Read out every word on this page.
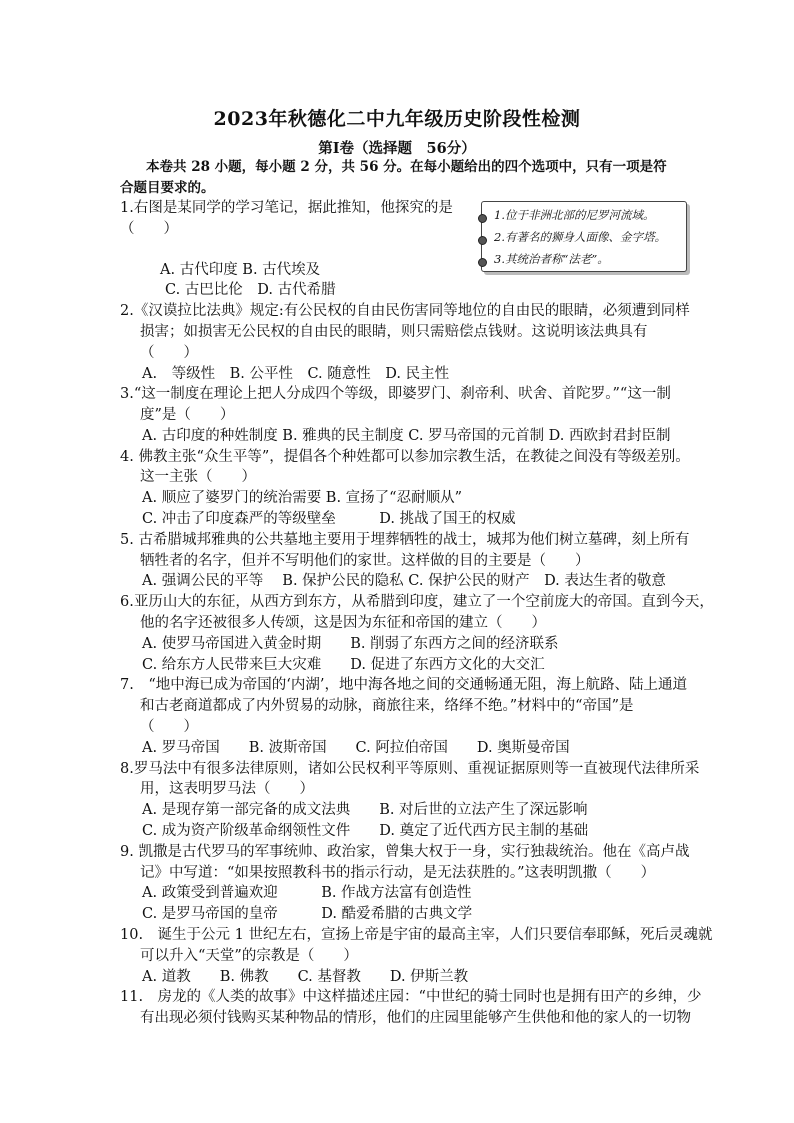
2023年秋德化二中九年级历史阶段性检测
第Ⅰ卷（选择题　56分）
本卷共 28 小题，每小题 2 分，共 56 分。在每小题给出的四个选项中，只有一项是符
合题目要求的。
1.右图是某同学的学习笔记，据此推知，他探究的是
（　　）
1.位于非洲北部的尼罗河流域。
2.有著名的狮身人面像、金字塔。
3.其统治者称“法老”。
A. 古代印度 B. 古代埃及
C. 古巴比伦　D. 古代希腊
2.《汉谟拉比法典》规定:有公民权的自由民伤害同等地位的自由民的眼睛，必须遭到同样
损害；如损害无公民权的自由民的眼睛，则只需赔偿点钱财。这说明该法典具有
（　　）
A.　等级性　B. 公平性　C. 随意性　D. 民主性
3.“这一制度在理论上把人分成四个等级，即婆罗门、刹帝利、吠舍、首陀罗。”“这一制
度”是（　　）
A. 古印度的种姓制度 B. 雅典的民主制度 C. 罗马帝国的元首制 D. 西欧封君封臣制
4. 佛教主张“众生平等”，提倡各个种姓都可以参加宗教生活，在教徒之间没有等级差别。
这一主张（　　）
A. 顺应了婆罗门的统治需要 B. 宣扬了“忍耐顺从”
C. 冲击了印度森严的等级壁垒　　　D. 挑战了国王的权威
5. 古希腊城邦雅典的公共墓地主要用于埋葬牺牲的战士，城邦为他们树立墓碑，刻上所有
牺牲者的名字，但并不写明他们的家世。这样做的目的主要是（　　）
A. 强调公民的平等　 B. 保护公民的隐私 C. 保护公民的财产　D. 表达生者的敬意
6.亚历山大的东征，从西方到东方，从希腊到印度，建立了一个空前庞大的帝国。直到今天，
他的名字还被很多人传颂，这是因为东征和帝国的建立（　　）
A. 使罗马帝国进入黄金时期　　B. 削弱了东西方之间的经济联系
C. 给东方人民带来巨大灾难　　D. 促进了东西方文化的大交汇
7.　“地中海已成为帝国的‘内湖’，地中海各地之间的交通畅通无阻，海上航路、陆上通道
和古老商道都成了内外贸易的动脉，商旅往来，络绎不绝。”材料中的“帝国”是
（　　）
A. 罗马帝国　　B. 波斯帝国　　C. 阿拉伯帝国　　D. 奥斯曼帝国
8.罗马法中有很多法律原则，诸如公民权利平等原则、重视证据原则等一直被现代法律所采
用，这表明罗马法（　　）
A. 是现存第一部完备的成文法典　　B. 对后世的立法产生了深远影响
C. 成为资产阶级革命纲领性文件　　D. 奠定了近代西方民主制的基础
9. 凯撒是古代罗马的军事统帅、政治家，曾集大权于一身，实行独裁统治。他在《高卢战
记》中写道：“如果按照教科书的指示行动，是无法获胜的。”这表明凯撒（　　）
A. 政策受到普遍欢迎　　　B. 作战方法富有创造性
C. 是罗马帝国的皇帝　　　D. 酷爱希腊的古典文学
10.　诞生于公元 1 世纪左右，宣扬上帝是宇宙的最高主宰，人们只要信奉耶稣，死后灵魂就
可以升入“天堂”的宗教是（　　）
A. 道教　　B. 佛教　　C. 基督教　　D. 伊斯兰教
11.　房龙的《人类的故事》中这样描述庄园：“中世纪的骑士同时也是拥有田产的乡绅，少
有出现必须付钱购买某种物品的情形，他们的庄园里能够产生供他和他的家人的一切物
